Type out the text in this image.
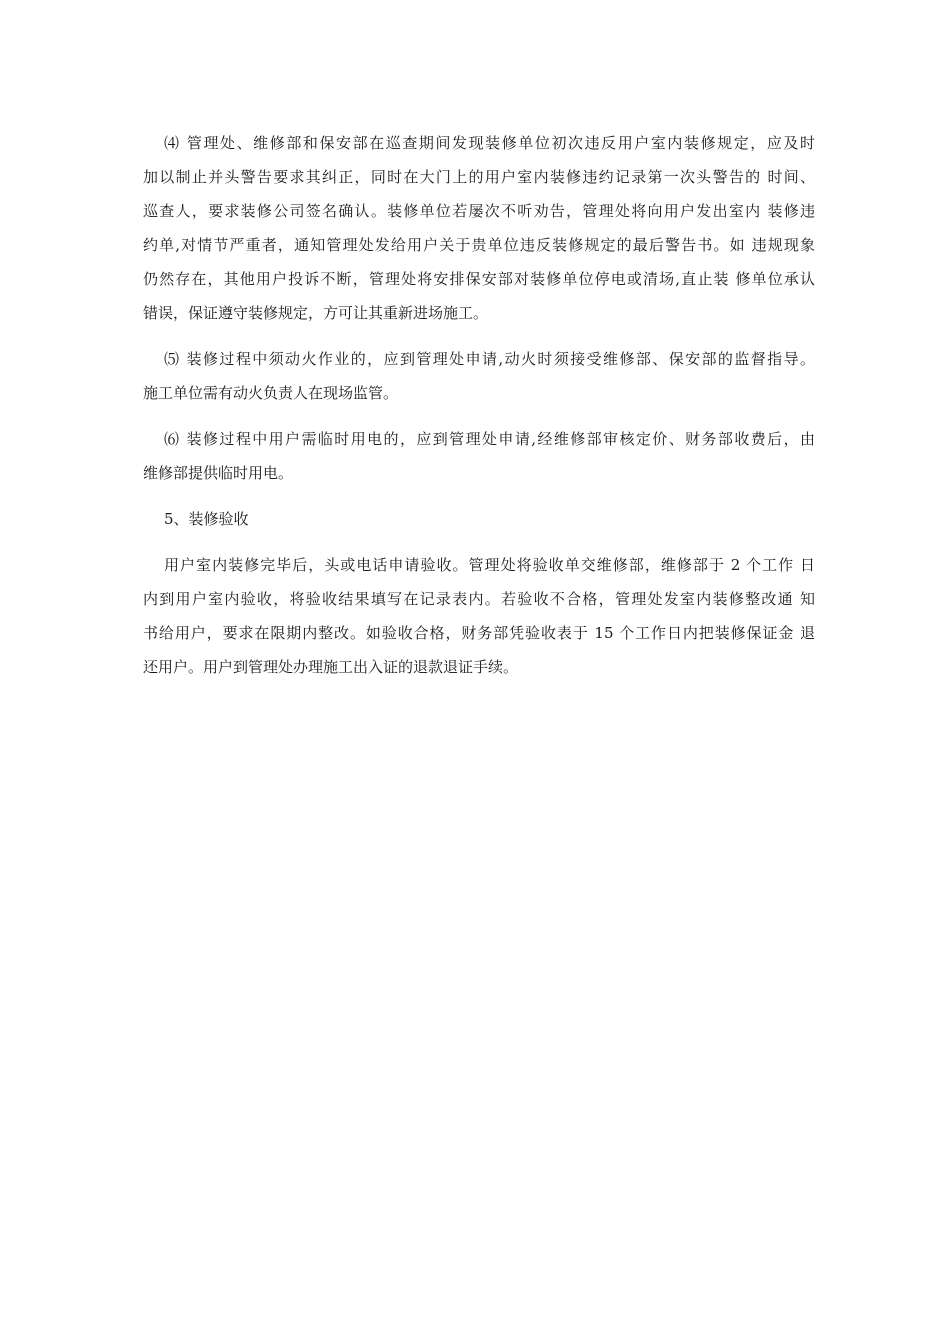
⑷ 管理处、维修部和保安部在巡查期间发现装修单位初次违反用户室内装修规定，应及时
加以制止并头警告要求其纠正，同时在大门上的用户室内装修违约记录第一次头警告的 时间、
巡查人，要求装修公司签名确认。装修单位若屡次不听劝告，管理处将向用户发出室内 装修违
约单,对情节严重者，通知管理处发给用户关于贵单位违反装修规定的最后警告书。如 违规现象
仍然存在，其他用户投诉不断，管理处将安排保安部对装修单位停电或清场,直止装 修单位承认
错误，保证遵守装修规定，方可让其重新进场施工。
⑸ 装修过程中须动火作业的，应到管理处申请,动火时须接受维修部、保安部的监督指导。
施工单位需有动火负责人在现场监管。
⑹ 装修过程中用户需临时用电的，应到管理处申请,经维修部审核定价、财务部收费后，由
维修部提供临时用电。
5、装修验收
用户室内装修完毕后，头或电话申请验收。管理处将验收单交维修部，维修部于 2 个工作 日
内到用户室内验收，将验收结果填写在记录表内。若验收不合格，管理处发室内装修整改通 知
书给用户，要求在限期内整改。如验收合格，财务部凭验收表于 15 个工作日内把装修保证金 退
还用户。用户到管理处办理施工出入证的退款退证手续。
